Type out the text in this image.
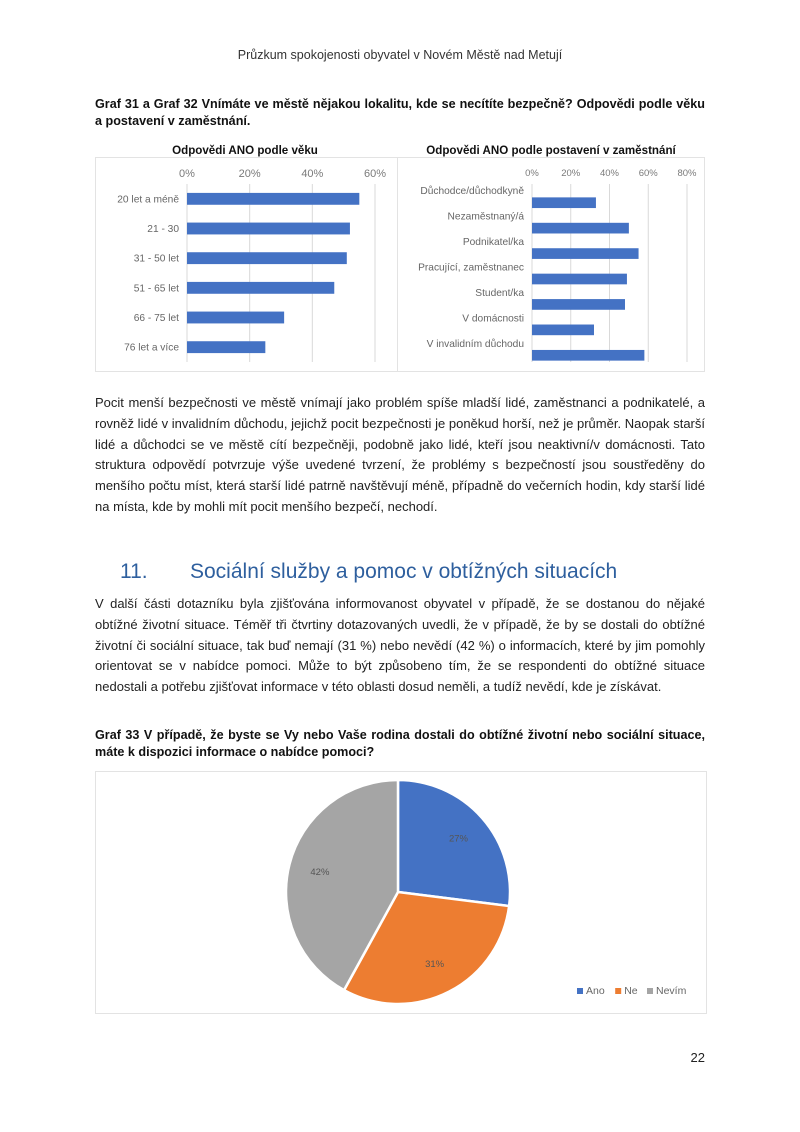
Průzkum spokojenosti obyvatel v Novém Městě nad Metují
Graf 31 a Graf 32 Vnímáte ve městě nějakou lokalitu, kde se necítíte bezpečně? Odpovědi podle věku a postavení v zaměstnání.
Odpovědi ANO podle věku
0%	20%	40%	60%
20 let a méně
21 - 30
31 - 50 let
51 - 65 let
66 - 75 let
76 let a více
Odpovědi ANO podle postavení v zaměstnání
0% 20% 40% 60% 80%
Důchodce/důchodkyně
Nezaměstnaný/á
Podnikatel/ka
Pracující, zaměstnanec
Student/ka
V domácnosti
V invalidním důchodu
Pocit menší bezpečnosti ve městě vnímají jako problém spíše mladší lidé, zaměstnanci a podnikatelé, a rovněž lidé v invalidním důchodu, jejichž pocit bezpečnosti je poněkud horší, než je průměr. Naopak starší lidé a důchodci se ve městě cítí bezpečněji, podobně jako lidé, kteří jsou neaktivní/v domácnosti. Tato struktura odpovědí potvrzuje výše uvedené tvrzení, že problémy s bezpečností jsou soustředěny do menšího počtu míst, která starší lidé patrně navštěvují méně, případně do večerních hodin, kdy starší lidé na místa, kde by mohli mít pocit menšího bezpečí, nechodí.
11. Sociální služby a pomoc v obtížných situacích
V další části dotazníku byla zjišťována informovanost obyvatel v případě, že se dostanou do nějaké obtížné životní situace. Téměř tři čtvrtiny dotazovaných uvedli, že v případě, že by se dostali do obtížné životní či sociální situace, tak buď nemají (31 %) nebo nevědí (42 %) o informacích, které by jim pomohly orientovat se v nabídce pomoci. Může to být způsobeno tím, že se respondenti do obtížné situace nedostali a potřebu zjišťovat informace v této oblasti dosud neměli, a tudíž nevědí, kde je získávat.
Graf 33 V případě, že byste se Vy nebo Vaše rodina dostali do obtížné životní nebo sociální situace, máte k dispozici informace o nabídce pomoci?
27%
31%
42%
Ano Ne Nevím
22
